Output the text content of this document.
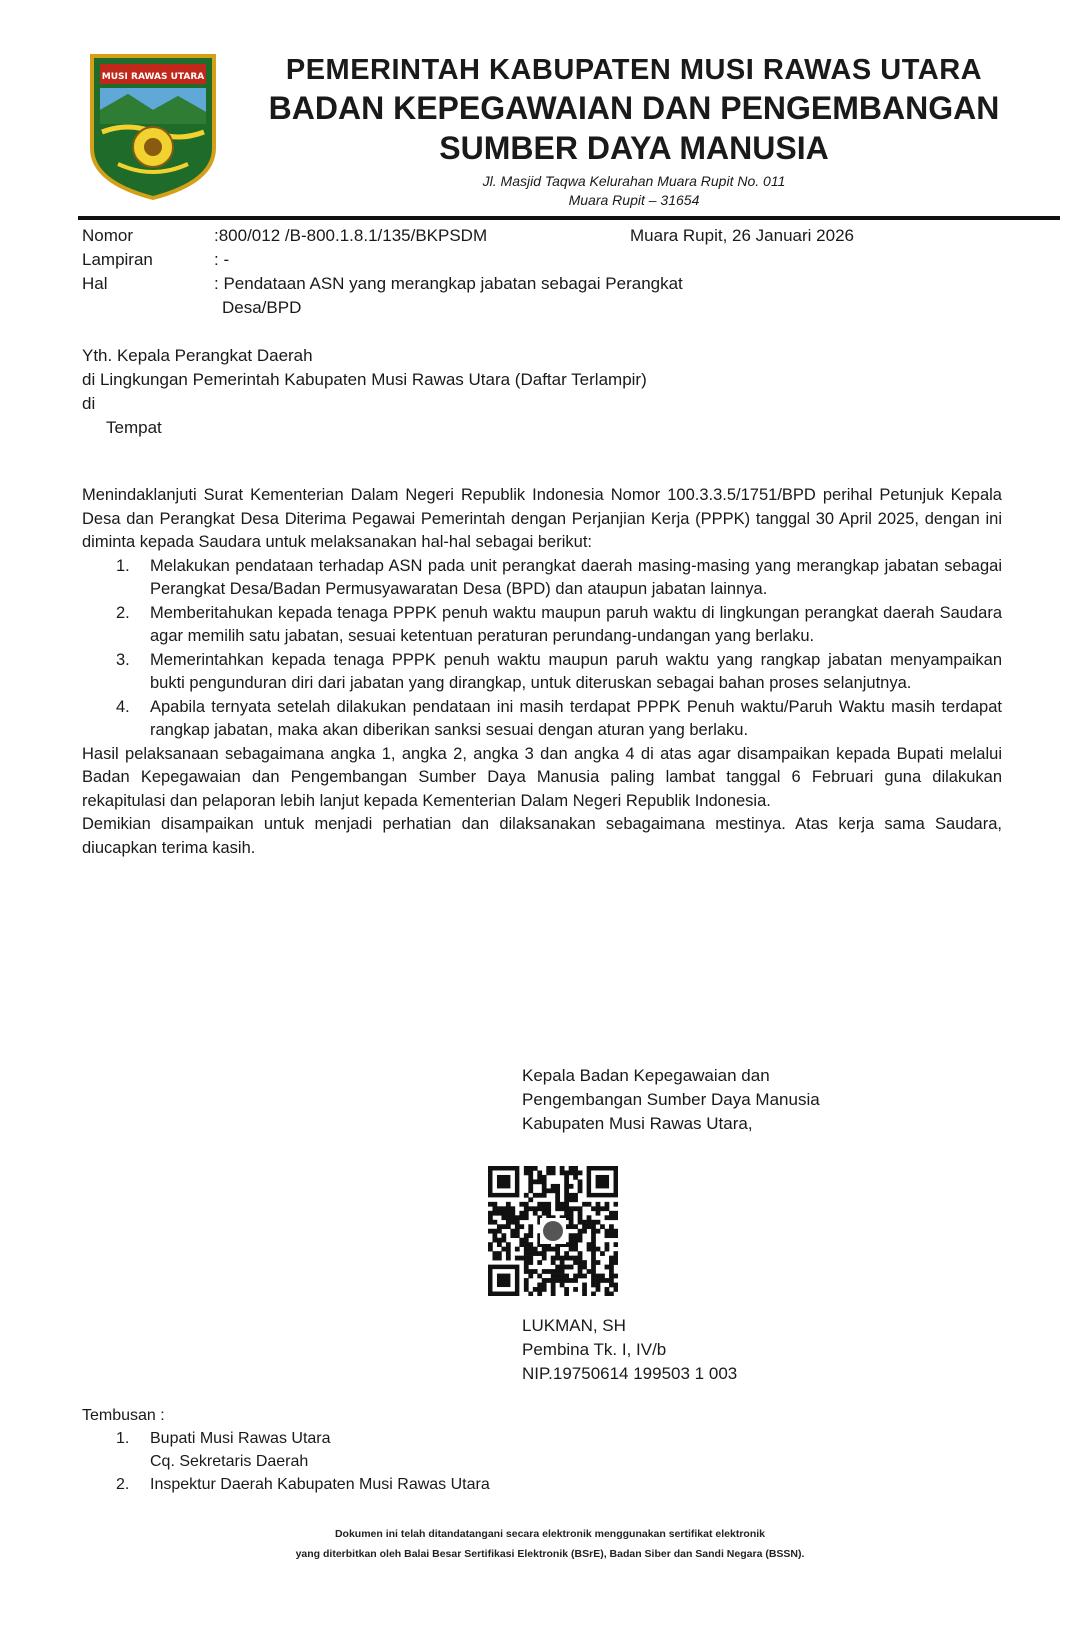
MUSI RAWAS UTARA	PEMERINTAH KABUPATEN MUSI RAWAS UTARA
BADAN KEPEGAWAIAN DAN PENGEMBANGAN
SUMBER DAYA MANUSIA
Jl. Masjid Taqwa Kelurahan Muara Rupit No. 011
Muara Rupit – 31654
Nomor	:800/012 /B-800.1.8.1/135/BKPSDM	Muara Rupit, 26 Januari 2026
Lampiran	: -
Hal	: Pendataan ASN yang merangkap jabatan sebagai Perangkat
Desa/BPD
Yth. Kepala Perangkat Daerah
di Lingkungan Pemerintah Kabupaten Musi Rawas Utara (Daftar Terlampir)
di
Tempat

Menindaklanjuti Surat Kementerian Dalam Negeri Republik Indonesia Nomor 100.3.3.5/1751/BPD perihal Petunjuk Kepala Desa dan Perangkat Desa Diterima Pegawai Pemerintah dengan Perjanjian Kerja (PPPK) tanggal 30 April 2025, dengan ini diminta kepada Saudara untuk melaksanakan hal-hal sebagai berikut:

1. Melakukan pendataan terhadap ASN pada unit perangkat daerah masing-masing yang merangkap jabatan sebagai Perangkat Desa/Badan Permusyawaratan Desa (BPD) dan ataupun jabatan lainnya.
2. Memberitahukan kepada tenaga PPPK penuh waktu maupun paruh waktu di lingkungan perangkat daerah Saudara agar memilih satu jabatan, sesuai ketentuan peraturan perundang-undangan yang berlaku.
3. Memerintahkan kepada tenaga PPPK penuh waktu maupun paruh waktu yang rangkap jabatan menyampaikan bukti pengunduran diri dari jabatan yang dirangkap, untuk diteruskan sebagai bahan proses selanjutnya.
4. Apabila ternyata setelah dilakukan pendataan ini masih terdapat PPPK Penuh waktu/Paruh Waktu masih terdapat rangkap jabatan, maka akan diberikan sanksi sesuai dengan aturan yang berlaku.

Hasil pelaksanaan sebagaimana angka 1, angka 2, angka 3 dan angka 4 di atas agar disampaikan kepada Bupati melalui Badan Kepegawaian dan Pengembangan Sumber Daya Manusia paling lambat tanggal 6 Februari guna dilakukan rekapitulasi dan pelaporan lebih lanjut kepada Kementerian Dalam Negeri Republik Indonesia.

Demikian disampaikan untuk menjadi perhatian dan dilaksanakan sebagaimana mestinya. Atas kerja sama Saudara, diucapkan terima kasih.

Kepala Badan Kepegawaian dan
Pengembangan Sumber Daya Manusia
Kabupaten Musi Rawas Utara,
LUKMAN, SH
Pembina Tk. I, IV/b
NIP.19750614 199503 1 003
Tembusan :
1. Bupati Musi Rawas Utara
Cq. Sekretaris Daerah
2. Inspektur Daerah Kabupaten Musi Rawas Utara
Dokumen ini telah ditandatangani secara elektronik menggunakan sertifikat elektronik
yang diterbitkan oleh Balai Besar Sertifikasi Elektronik (BSrE), Badan Siber dan Sandi Negara (BSSN).
